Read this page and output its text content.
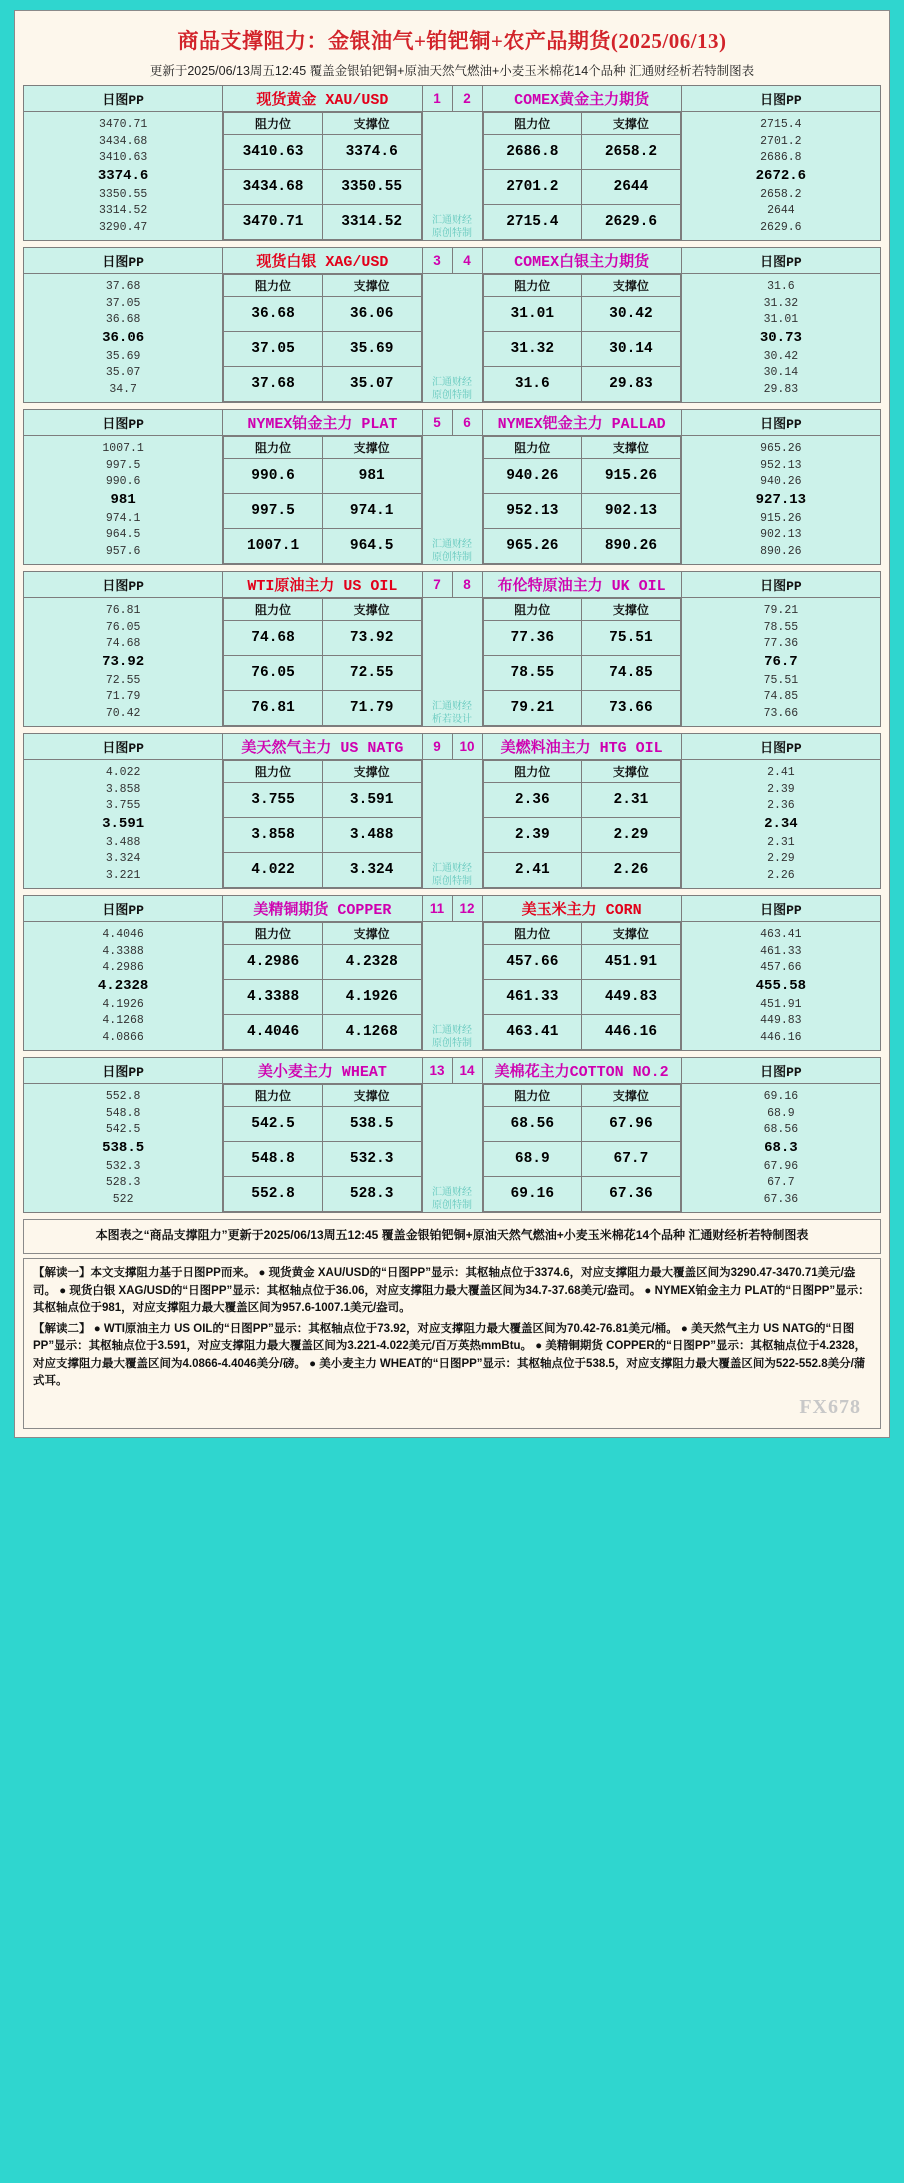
商品支撑阻力：金银油气+铂钯铜+农产品期货(2025/06/13)
更新于2025/06/13周五12:45 覆盖金银铂钯铜+原油天然气燃油+小麦玉米棉花14个品种 汇通财经析若特制图表
日图PP	现货黄金 XAU/USD	1	2	COMEX黄金主力期货	日图PP

3470.71
3434.68
3410.63
3374.6
3350.55
3314.52
3290.47

阻力位	支撑位
3410.63	3374.6
3434.68	3350.55
3470.71	3314.52
		汇通财经
原创特制	
阻力位	支撑位
2686.8	2658.2
2701.2	2644
2715.4	2629.6

2715.4
2701.2
2686.8
2672.6
2658.2
2644
2629.6
日图PP	现货白银 XAG/USD	3	4	COMEX白银主力期货	日图PP

37.68
37.05
36.68
36.06
35.69
35.07
34.7

阻力位	支撑位
36.68	36.06
37.05	35.69
37.68	35.07
		汇通财经
原创特制	
阻力位	支撑位
31.01	30.42
31.32	30.14
31.6	29.83

31.6
31.32
31.01
30.73
30.42
30.14
29.83
日图PP	NYMEX铂金主力 PLAT	5	6	NYMEX钯金主力 PALLAD	日图PP

1007.1
997.5
990.6
981
974.1
964.5
957.6

阻力位	支撑位
990.6	981
997.5	974.1
1007.1	964.5
		汇通财经
原创特制	
阻力位	支撑位
940.26	915.26
952.13	902.13
965.26	890.26

965.26
952.13
940.26
927.13
915.26
902.13
890.26
日图PP	WTI原油主力 US OIL	7	8	布伦特原油主力 UK OIL	日图PP

76.81
76.05
74.68
73.92
72.55
71.79
70.42

阻力位	支撑位
74.68	73.92
76.05	72.55
76.81	71.79
		汇通财经
析若设计	
阻力位	支撑位
77.36	75.51
78.55	74.85
79.21	73.66

79.21
78.55
77.36
76.7
75.51
74.85
73.66
日图PP	美天然气主力 US NATG	9	10	美燃料油主力 HTG OIL	日图PP

4.022
3.858
3.755
3.591
3.488
3.324
3.221

阻力位	支撑位
3.755	3.591
3.858	3.488
4.022	3.324
		汇通财经
原创特制	
阻力位	支撑位
2.36	2.31
2.39	2.29
2.41	2.26

2.41
2.39
2.36
2.34
2.31
2.29
2.26
日图PP	美精铜期货 COPPER	11	12	美玉米主力 CORN	日图PP

4.4046
4.3388
4.2986
4.2328
4.1926
4.1268
4.0866

阻力位	支撑位
4.2986	4.2328
4.3388	4.1926
4.4046	4.1268
		汇通财经
原创特制	
阻力位	支撑位
457.66	451.91
461.33	449.83
463.41	446.16

463.41
461.33
457.66
455.58
451.91
449.83
446.16
日图PP	美小麦主力 WHEAT	13	14	美棉花主力COTTON NO.2	日图PP

552.8
548.8
542.5
538.5
532.3
528.3
522

阻力位	支撑位
542.5	538.5
548.8	532.3
552.8	528.3
		汇通财经
原创特制	
阻力位	支撑位
68.56	67.96
68.9	67.7
69.16	67.36

69.16
68.9
68.56
68.3
67.96
67.7
67.36
本图表之“商品支撑阻力”更新于2025/06/13周五12:45 覆盖金银铂钯铜+原油天然气燃油+小麦玉米棉花14个品种 汇通财经析若特制图表
【解读一】本文支撑阻力基于日图PP而来。 ● 现货黄金 XAU/USD的“日图PP”显示：其枢轴点位于3374.6，对应支撑阻力最大覆盖区间为3290.47-3470.71美元/盎司。 ● 现货白银 XAG/USD的“日图PP”显示：其枢轴点位于36.06，对应支撑阻力最大覆盖区间为34.7-37.68美元/盎司。 ● NYMEX铂金主力 PLAT的“日图PP”显示：其枢轴点位于981，对应支撑阻力最大覆盖区间为957.6-1007.1美元/盎司。
【解读二】 ● WTI原油主力 US OIL的“日图PP”显示：其枢轴点位于73.92，对应支撑阻力最大覆盖区间为70.42-76.81美元/桶。 ● 美天然气主力 US NATG的“日图PP”显示：其枢轴点位于3.591，对应支撑阻力最大覆盖区间为3.221-4.022美元/百万英热mmBtu。 ● 美精铜期货 COPPER的“日图PP”显示：其枢轴点位于4.2328，对应支撑阻力最大覆盖区间为4.0866-4.4046美分/磅。 ● 美小麦主力 WHEAT的“日图PP”显示：其枢轴点位于538.5，对应支撑阻力最大覆盖区间为522-552.8美分/蒲式耳。
FX678
